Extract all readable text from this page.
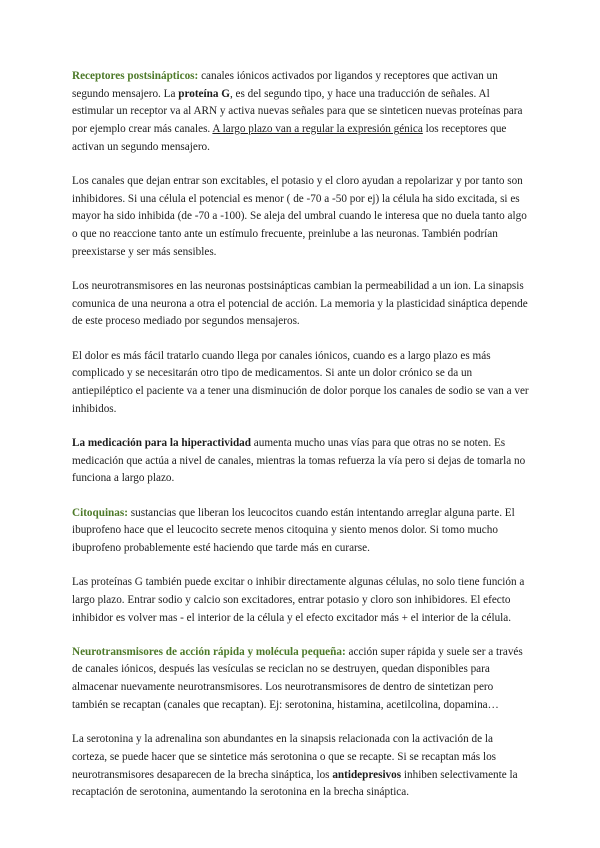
Receptores postsinápticos: canales iónicos activados por ligandos y receptores que activan un segundo mensajero. La proteína G, es del segundo tipo, y hace una traducción de señales. Al estimular un receptor va al ARN y activa nuevas señales para que se sinteticen nuevas proteínas para por ejemplo crear más canales. A largo plazo van a regular la expresión génica los receptores que activan un segundo mensajero.

Los canales que dejan entrar son excitables, el potasio y el cloro ayudan a repolarizar y por tanto son inhibidores. Si una célula el potencial es menor ( de -70 a -50 por ej) la célula ha sido excitada, si es mayor ha sido inhibida (de -70 a -100). Se aleja del umbral cuando le interesa que no duela tanto algo o que no reaccione tanto ante un estímulo frecuente, preinlube a las neuronas. También podrían preexistarse y ser más sensibles.

Los neurotransmisores en las neuronas postsinápticas cambian la permeabilidad a un ion. La sinapsis comunica de una neurona a otra el potencial de acción. La memoria y la plasticidad sináptica depende de este proceso mediado por segundos mensajeros.

El dolor es más fácil tratarlo cuando llega por canales iónicos, cuando es a largo plazo es más complicado y se necesitarán otro tipo de medicamentos. Si ante un dolor crónico se da un antiepiléptico el paciente va a tener una disminución de dolor porque los canales de sodio se van a ver inhibidos.

La medicación para la hiperactividad aumenta mucho unas vías para que otras no se noten. Es medicación que actúa a nivel de canales, mientras la tomas refuerza la vía pero si dejas de tomarla no funciona a largo plazo.

Citoquinas: sustancias que liberan los leucocitos cuando están intentando arreglar alguna parte. El ibuprofeno hace que el leucocito secrete menos citoquina y siento menos dolor. Si tomo mucho ibuprofeno probablemente esté haciendo que tarde más en curarse.

Las proteínas G también puede excitar o inhibir directamente algunas células, no solo tiene función a largo plazo. Entrar sodio y calcio son excitadores, entrar potasio y cloro son inhibidores. El efecto inhibidor es volver mas - el interior de la célula y el efecto excitador más + el interior de la célula.

Neurotransmisores de acción rápida y molécula pequeña: acción super rápida y suele ser a través de canales iónicos, después las vesículas se reciclan no se destruyen, quedan disponibles para almacenar nuevamente neurotransmisores. Los neurotransmisores de dentro de sintetizan pero también se recaptan (canales que recaptan). Ej: serotonina, histamina, acetilcolina, dopamina…

La serotonina y la adrenalina son abundantes en la sinapsis relacionada con la activación de la corteza, se puede hacer que se sintetice más serotonina o que se recapte. Si se recaptan más los neurotransmisores desaparecen de la brecha sináptica, los antidepresivos inhiben selectivamente la recaptación de serotonina, aumentando la serotonina en la brecha sináptica.
